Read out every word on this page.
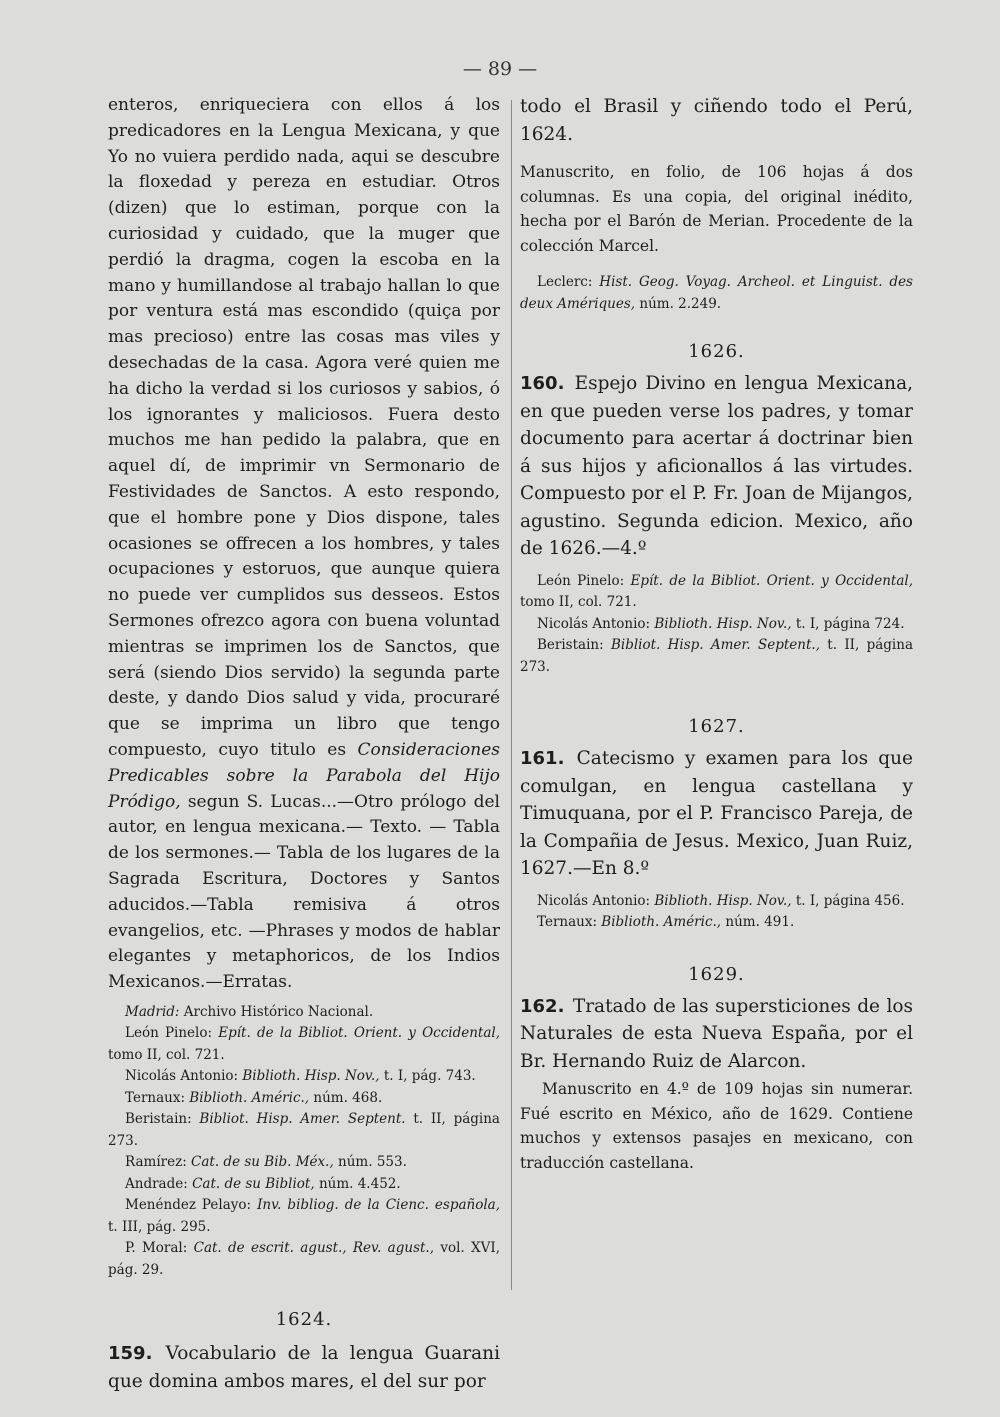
— 89 —

enteros, enriqueciera con ellos á los predicadores en la Lengua Mexicana, y que Yo no vuiera perdido nada, aqui se descubre la floxedad y pereza en estudiar. Otros (dizen) que lo estiman, porque con la curiosidad y cuidado, que la muger que perdió la dragma, cogen la escoba en la mano y humillandose al trabajo hallan lo que por ventura está mas escondido (quiça por mas precioso) entre las cosas mas viles y desechadas de la casa. Agora veré quien me ha dicho la verdad si los curiosos y sabios, ó los ignorantes y maliciosos. Fuera desto muchos me han pedido la palabra, que en aquel dí, de imprimir vn Sermonario de Festividades de Sanctos. A esto respondo, que el hombre pone y Dios dispone, tales ocasiones se offrecen a los hombres, y tales ocupaciones y estoruos, que aunque quiera no puede ver cumplidos sus desseos. Estos Sermones ofrezco agora con buena voluntad mientras se imprimen los de Sanctos, que será (siendo Dios servido) la segunda parte deste, y dando Dios salud y vida, procuraré que se imprima un libro que tengo compuesto, cuyo titulo es Consideraciones Predicables sobre la Parabola del Hijo Pródigo, segun S. Lucas...—Otro prólogo del autor, en lengua mexicana.— Texto. — Tabla de los sermones.— Tabla de los lugares de la Sagrada Escritura, Doctores y Santos aducidos.—Tabla remisiva á otros evangelios, etc. —Phrases y modos de hablar elegantes y metaphoricos, de los Indios Mexicanos.—Erratas.

Madrid: Archivo Histórico Nacional.

León Pinelo: Epít. de la Bibliot. Orient. y Occidental, tomo II, col. 721.

Nicolás Antonio: Biblioth. Hisp. Nov., t. I, pág. 743.

Ternaux: Biblioth. Améric., núm. 468.

Beristain: Bibliot. Hisp. Amer. Septent. t. II, página 273.

Ramírez: Cat. de su Bib. Méx., núm. 553.

Andrade: Cat. de su Bibliot, núm. 4.452.

Menéndez Pelayo: Inv. bibliog. de la Cienc. española, t. III, pág. 295.

P. Moral: Cat. de escrit. agust., Rev. agust., vol. XVI, pág. 29.

1624.

159. Vocabulario de la lengua Guarani que domina ambos mares, el del sur por

todo el Brasil y ciñendo todo el Perú, 1624.

Manuscrito, en folio, de 106 hojas á dos columnas. Es una copia, del original inédito, hecha por el Barón de Merian. Procedente de la colección Marcel.

Leclerc: Hist. Geog. Voyag. Archeol. et Linguist. des deux Amériques, núm. 2.249.

1626.

160. Espejo Divino en lengua Mexicana, en que pueden verse los padres, y tomar documento para acertar á doctrinar bien á sus hijos y aficionallos á las virtudes. Compuesto por el P. Fr. Joan de Mijangos, agustino. Segunda edicion. Mexico, año de 1626.—4.º

León Pinelo: Epít. de la Bibliot. Orient. y Occidental, tomo II, col. 721.

Nicolás Antonio: Biblioth. Hisp. Nov., t. I, página 724.

Beristain: Bibliot. Hisp. Amer. Septent., t. II, página 273.

1627.

161. Catecismo y examen para los que comulgan, en lengua castellana y Timuquana, por el P. Francisco Pareja, de la Compañia de Jesus. Mexico, Juan Ruiz, 1627.—En 8.º

Nicolás Antonio: Biblioth. Hisp. Nov., t. I, página 456.

Ternaux: Biblioth. Améric., núm. 491.

1629.

162. Tratado de las supersticiones de los Naturales de esta Nueva España, por el Br. Hernando Ruiz de Alarcon.

Manuscrito en 4.º de 109 hojas sin numerar. Fué escrito en México, año de 1629. Contiene muchos y extensos pasajes en mexicano, con traducción castellana.
